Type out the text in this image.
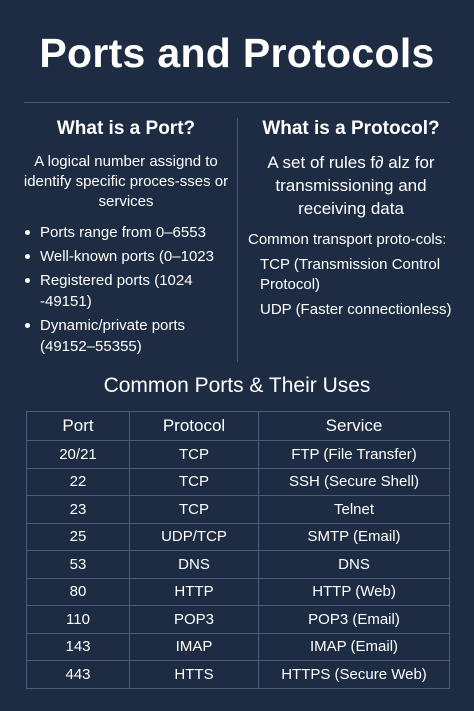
Ports and Protocols
What is a Port?
A logical number assignd to identify specific proces-sses or services
Ports range from 0–6553
Well-known ports (0–1023
Registered ports (1024 -49151)
Dynamic/private ports (49152–55355)
What is a Protocol?
A set of rules f∂ alz for transmissioning and receiving data
Common transport proto-cols:
TCP (Transmission Control Protocol)
UDP (Faster connectionless)
Common Ports & Their Uses
Port	Protocol	Service
20/21	TCP	FTP (File Transfer)
22	TCP	SSH (Secure Shell)
23	TCP	Telnet
25	UDP/TCP	SMTP (Email)
53	DNS	DNS
80	HTTP	HTTP (Web)
110	POP3	POP3 (Email)
143	IMAP	IMAP (Email)
443	HTTS	HTTPS (Secure Web)
